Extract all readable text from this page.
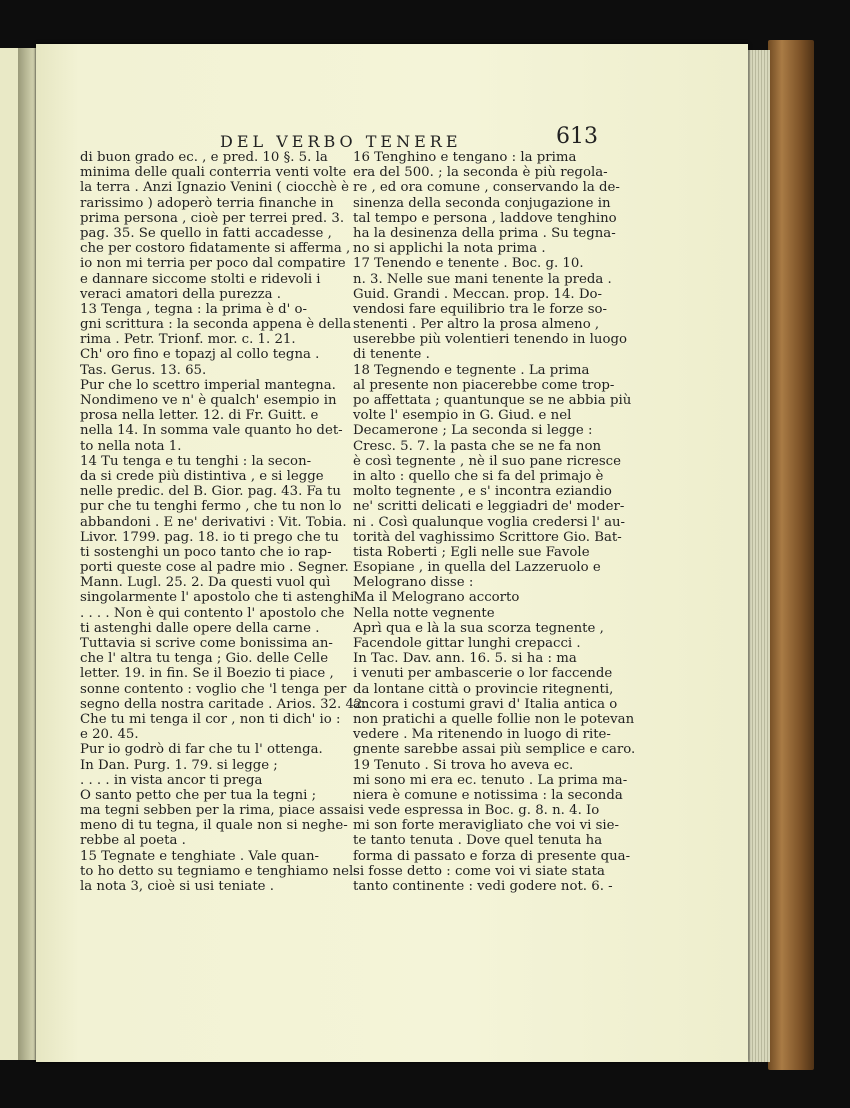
DEL VERBO TENERE	613
di buon grado ec. , e pred. 10 §. 5. la
minima delle quali conterria venti volte
la terra . Anzi Ignazio Venini ( ciocchè è
rarissimo ) adoperò terria finanche in
prima persona , cioè per terrei pred. 3.
pag. 35. Se quello in fatti accadesse ,
che per costoro fidatamente si afferma ,
io non mi terria per poco dal compatire
e dannare siccome stolti e ridevoli i
veraci amatori della purezza .
13 Tenga , tegna : la prima è d' o-
gni scrittura : la seconda appena è della
rima . Petr. Trionf. mor. c. 1. 21.
Ch' oro fino e topazj al collo tegna .
Tas. Gerus. 13. 65.
Pur che lo scettro imperial mantegna.
Nondimeno ve n' è qualch' esempio in
prosa nella letter. 12. di Fr. Guitt. e
nella 14. In somma vale quanto ho det-
to nella nota 1.
14 Tu tenga e tu tenghi : la secon-
da si crede più distintiva , e si legge
nelle predic. del B. Gior. pag. 43. Fa tu
pur che tu tenghi fermo , che tu non lo
abbandoni . E ne' derivativi : Vit. Tobia.
Livor. 1799. pag. 18. io ti prego che tu
ti sostenghi un poco tanto che io rap-
porti queste cose al padre mio . Segner.
Mann. Lugl. 25. 2. Da questi vuol quì
singolarmente l' apostolo che ti astenghi .
. . . . Non è qui contento l' apostolo che
ti astenghi dalle opere della carne .
Tuttavia si scrive come bonissima an-
che l' altra tu tenga ; Gio. delle Celle
letter. 19. in fin. Se il Boezio ti piace ,
sonne contento : voglio che 'l tenga per
segno della nostra caritade . Arios. 32. 42.
Che tu mi tenga il cor , non ti dich' io :
e 20. 45.
Pur io godrò di far che tu l' ottenga.
In Dan. Purg. 1. 79. si legge ;
. . . . in vista ancor ti prega
O santo petto che per tua la tegni ;
ma tegni sebben per la rima, piace assai
meno di tu tegna, il quale non si neghe-
rebbe al poeta .
15 Tegnate e tenghiate . Vale quan-
to ho detto su tegniamo e tenghiamo nel-
la nota 3, cioè si usi teniate .
16 Tenghino e tengano : la prima
era del 500. ; la seconda è più regola-
re , ed ora comune , conservando la de-
sinenza della seconda conjugazione in
tal tempo e persona , laddove tenghino
ha la desinenza della prima . Su tegna-
no si applichi la nota prima .
17 Tenendo e tenente . Boc. g. 10.
n. 3. Nelle sue mani tenente la preda .
Guid. Grandi . Meccan. prop. 14. Do-
vendosi fare equilibrio tra le forze so-
stenenti . Per altro la prosa almeno ,
userebbe più volentieri tenendo in luogo
di tenente .
18 Tegnendo e tegnente . La prima
al presente non piacerebbe come trop-
po affettata ; quantunque se ne abbia più
volte l' esempio in G. Giud. e nel
Decamerone ; La seconda si legge :
Cresc. 5. 7. la pasta che se ne fa non
è così tegnente , nè il suo pane ricresce
in alto : quello che si fa del primajo è
molto tegnente , e s' incontra eziandio
ne' scritti delicati e leggiadri de' moder-
ni . Così qualunque voglia credersi l' au-
torità del vaghissimo Scrittore Gio. Bat-
tista Roberti ; Egli nelle sue Favole
Esopiane , in quella del Lazzeruolo e
Melograno disse :
Ma il Melograno accorto
Nella notte vegnente
Aprì qua e là la sua scorza tegnente ,
Facendole gittar lunghi crepacci .
In Tac. Dav. ann. 16. 5. si ha : ma
i venuti per ambascerie o lor faccende
da lontane città o provincie ritegnenti,
ancora i costumi gravi d' Italia antica o
non pratichi a quelle follie non le potevan
vedere . Ma ritenendo in luogo di rite-
gnente sarebbe assai più semplice e caro.
19 Tenuto . Si trova ho aveva ec.
mi sono mi era ec. tenuto . La prima ma-
niera è comune e notissima : la seconda
si vede espressa in Boc. g. 8. n. 4. Io
mi son forte meravigliato che voi vi sie-
te tanto tenuta . Dove quel tenuta ha
forma di passato e forza di presente qua-
si fosse detto : come voi vi siate stata
tanto continente : vedi godere not. 6. -
